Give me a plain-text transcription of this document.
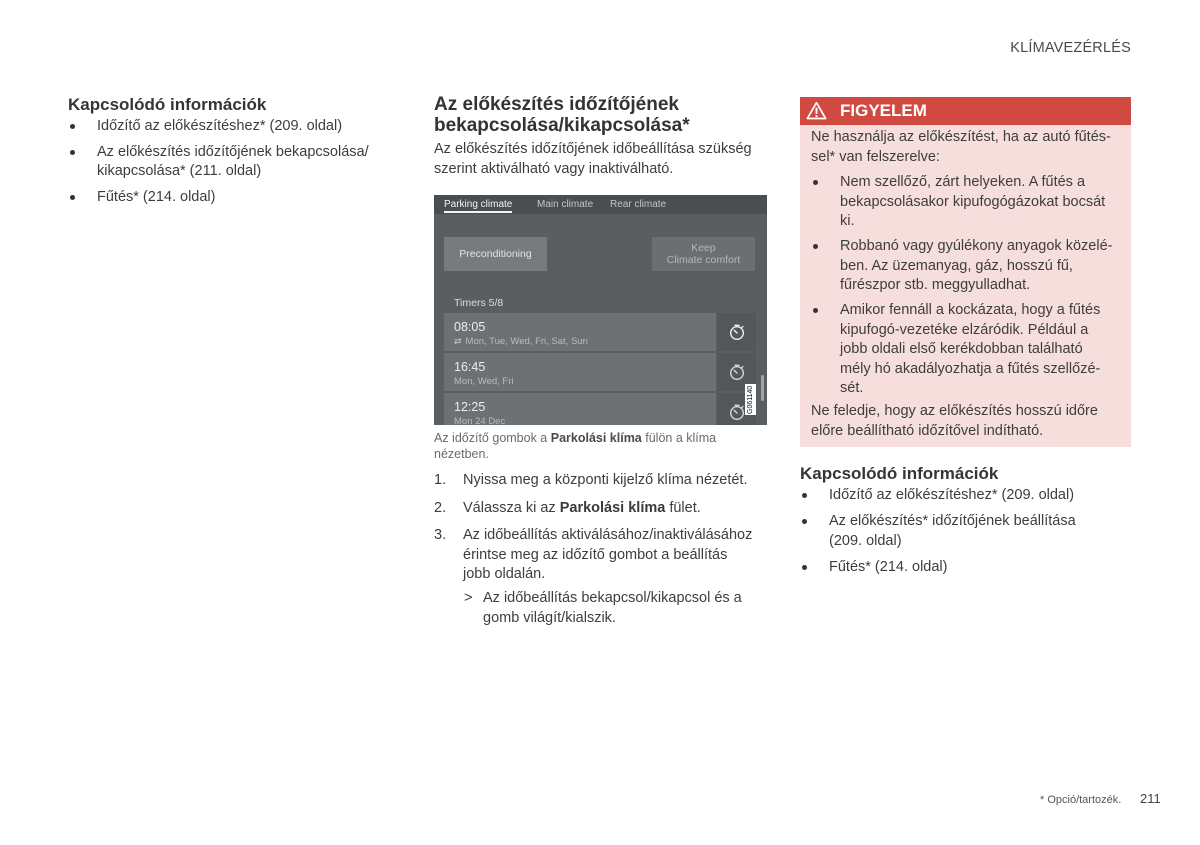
KLÍMAVEZÉRLÉS
Kapcsolódó információk
Időzítő az előkészítéshez* (209. oldal)
Az előkészítés időzítőjének bekapcsolása/
kikapcsolása* (211. oldal)
Fűtés* (214. oldal)
Az előkészítés időzítőjének
bekapcsolása/kikapcsolása*
Az előkészítés időzítőjének időbeállítása szükség
szerint aktiválható vagy inaktiválható.
Parking climate Main climate Rear climate
Preconditioning	Keep
Climate comfort
Timers 5/8
08:05
⇄ Mon, Tue, Wed, Fri, Sat, Sun
16:45
Mon, Wed, Fri
12:25
Mon 24 Dec
G061140
Az időzítő gombok a Parkolási klíma fülön a klíma
nézetben.
1. Nyissa meg a központi kijelző klíma nézetét.
2. Válassza ki az Parkolási klíma fület.
3. Az időbeállítás aktiválásához/inaktiválásához
érintse meg az időzítő gombot a beállítás
jobb oldalán.
> Az időbeállítás bekapcsol/kikapcsol és a
gomb világít/kialszik.
FIGYELEM
Ne használja az előkészítést, ha az autó fűtés-
sel* van felszerelve:
Nem szellőző, zárt helyeken. A fűtés a
bekapcsolásakor kipufogógázokat bocsát
ki.
Robbanó vagy gyúlékony anyagok közelé-
ben. Az üzemanyag, gáz, hosszú fű,
fűrészpor stb. meggyulladhat.
Amikor fennáll a kockázata, hogy a fűtés
kipufogó-vezetéke elzáródik. Például a
jobb oldali első kerékdobban található
mély hó akadályozhatja a fűtés szellőzé-
sét.
Ne feledje, hogy az előkészítés hosszú időre
előre beállítható időzítővel indítható.
Kapcsolódó információk
Időzítő az előkészítéshez* (209. oldal)
Az előkészítés* időzítőjének beállítása
(209. oldal)
Fűtés* (214. oldal)
* Opció/tartozék. 211
